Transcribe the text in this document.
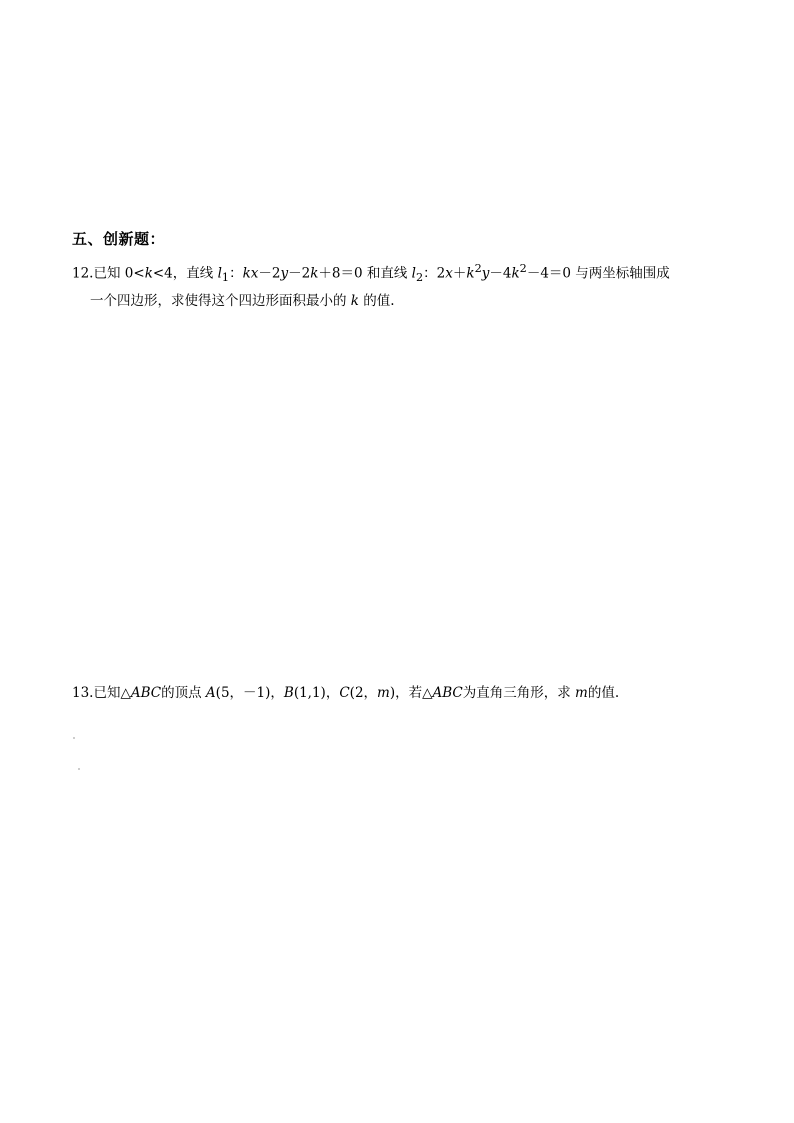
五、创新题：
12.已知 0<k<4，直线 $l_1$：kx－2y－2k＋8＝0 和直线 $l_2$：$2x+k^2y-4k^2-4=0$ 与两坐标轴围成
一个四边形，求使得这个四边形面积最小的 k 的值.
13.已知△ABC的顶点 A(5，－1)，B(1,1)，C(2，m)，若△ABC为直角三角形，求 m的值.
